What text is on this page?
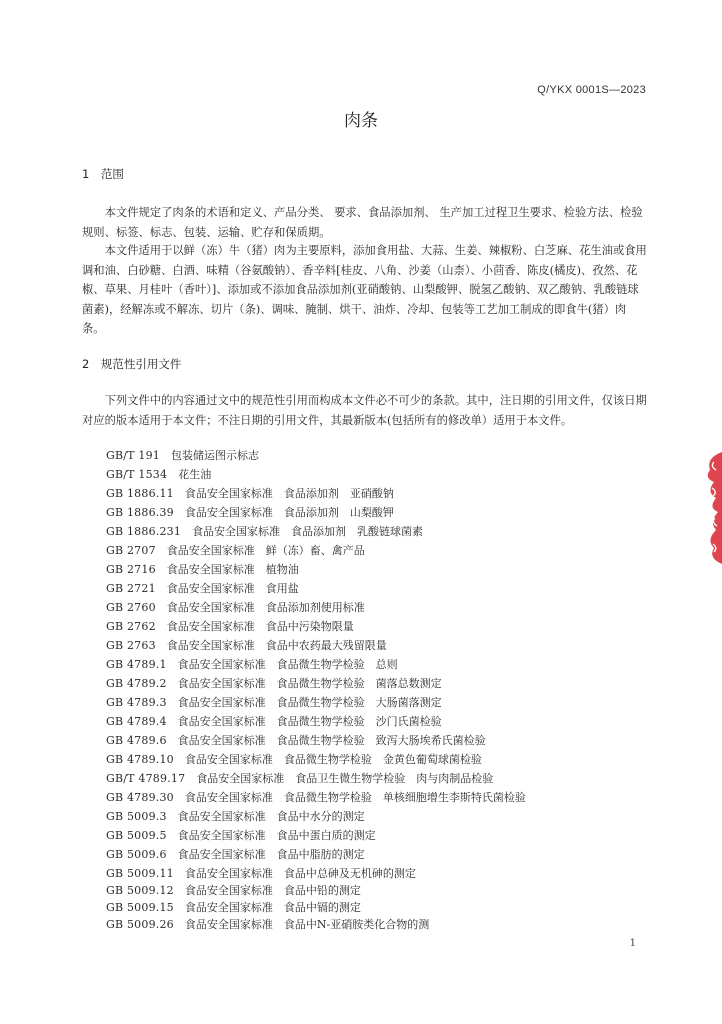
Q/YKX 0001S—2023
肉条
1　范围

本文件规定了肉条的术语和定义、产品分类、 要求、食品添加剂、 生产加工过程卫生要求、检验方法、检验规则、标签、标志、包装、运输、贮存和保质期。

本文件适用于以鲜（冻）牛（猪）肉为主要原料，添加食用盐、大蒜、生姜、辣椒粉、白芝麻、花生油或食用调和油、白砂糖、白酒、味精（谷氨酸钠）、香辛料[桂皮、八角、沙姜（山柰）、小茴香、陈皮(橘皮)、孜然、花椒、草果、月桂叶（香叶）]、添加或不添加食品添加剂(亚硝酸钠、山梨酸钾、脱氢乙酸钠、双乙酸钠、乳酸链球菌素)，经解冻或不解冻、切片（条)、调味、腌制、烘干、油炸、冷却、包装等工艺加工制成的即食牛(猪）肉条。

2　规范性引用文件

下列文件中的内容通过文中的规范性引用而构成本文件必不可少的条款。其中，注日期的引用文件，仅该日期对应的版本适用于本文件；不注日期的引用文件，其最新版本(包括所有的修改单）适用于本文件。

GB/T 191　 包装储运图示标志
GB/T 1534　 花生油
GB 1886.11　 食品安全国家标准　食品添加剂　亚硝酸钠
GB 1886.39　 食品安全国家标准　食品添加剂　山梨酸钾
GB 1886.231　 食品安全国家标准　食品添加剂　乳酸链球菌素
GB 2707　 食品安全国家标准　鲜（冻）畜、禽产品
GB 2716　 食品安全国家标准　植物油
GB 2721　 食品安全国家标准　食用盐
GB 2760　 食品安全国家标准　食品添加剂使用标准
GB 2762　 食品安全国家标准　食品中污染物限量
GB 2763　 食品安全国家标准　食品中农药最大残留限量
GB 4789.1　 食品安全国家标准　食品微生物学检验　总则
GB 4789.2　 食品安全国家标准　食品微生物学检验　菌落总数测定
GB 4789.3　 食品安全国家标准　食品微生物学检验　大肠菌落测定
GB 4789.4　 食品安全国家标准　食品微生物学检验　沙门氏菌检验
GB 4789.6　 食品安全国家标准　食品微生物学检验　致泻大肠埃希氏菌检验
GB 4789.10　 食品安全国家标准　食品微生物学检验　金黄色葡萄球菌检验
GB/T 4789.17　 食品安全国家标准　食品卫生微生物学检验　肉与肉制品检验
GB 4789.30　 食品安全国家标准　食品微生物学检验　单核细胞增生李斯特氏菌检验
GB 5009.3　 食品安全国家标准　食品中水分的测定
GB 5009.5　 食品安全国家标准　食品中蛋白质的测定
GB 5009.6　 食品安全国家标准　食品中脂肪的测定
GB 5009.11　 食品安全国家标准　食品中总砷及无机砷的测定
GB 5009.12　 食品安全国家标准　食品中铅的测定
GB 5009.15　 食品安全国家标准　食品中镉的测定
GB 5009.26　 食品安全国家标准　食品中N-亚硝胺类化合物的测
1
